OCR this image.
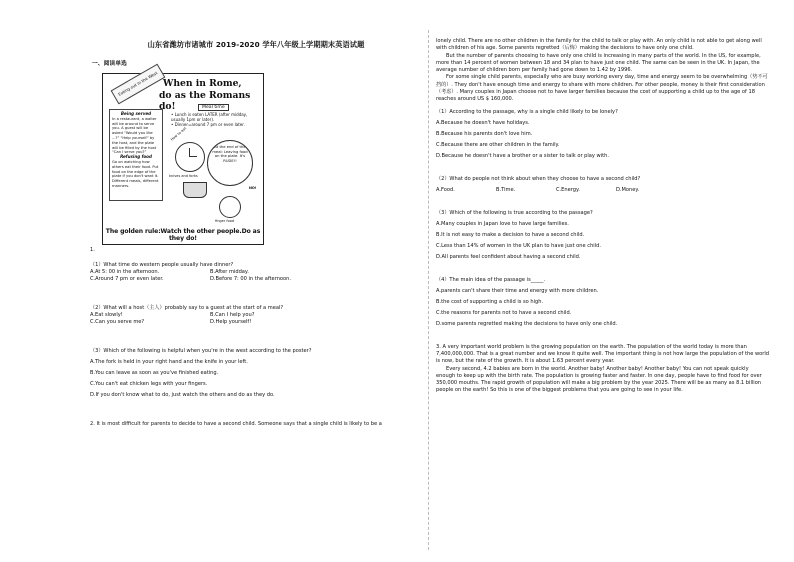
山东省潍坊市诸城市 2019-2020 学年八年级上学期期末英语试题
一、阅读单选
Eating out in the West When in Rome,
do as the Romans do!	Meal time
• Lunch is eaten LATER (after midday,
usually 1pm or later).
• Dinner=around 7 pm or even later.
Being served
In a restaurant, a waiter will be around to serve you. A guest will be asked “Would you like ...?” “Help yourself” by the host, and the plate will be filled by the host “Can I serve you?”
Refusing food
Go on watching how others eat their food. Put food on the edge of the plate if you don't want it. Different meals, different manners.
How to eat
At the end of the meal: Leaving food on the plate. It's RUDE!!
knives and forks
NO!
finger food
The golden rule:Watch the other people.Do as they do!
1.
（1）What time do western people usually have dinner?
A.At 5: 00 in the afternoon.	B.After midday.
C.Around 7 pm or even later.	D.Before 7: 00 in the afternoon.
（2）What will a host（主人）probably say to a guest at the start of a meal?
A.Eat slowly!	B.Can I help you?
C.Can you serve me?	D.Help yourself!
（3）Which of the following is helpful when you're in the west according to the poster?
A.The fork is held in your right hand and the knife in your left.
B.You can leave as soon as you've finished eating.
C.You can't eat chicken legs with your fingers.
D.If you don't know what to do, just watch the others and do as they do.
2. It is most difficult for parents to decide to have a second child. Someone says that a single child is likely to be a

lonely child. There are no other children in the family for the child to talk or play with. An only child is not able to get along well with children of his age. Some parents regretted（后悔）making the decisions to have only one child.

But the number of parents choosing to have only one child is increasing in many parts of the world. In the US, for example, more than 14 percent of women between 18 and 34 plan to have just one child. The same can be seen in the UK. In Japan, the average number of children born per family had gone down to 1.42 by 1996.

For some single child parents, especially who are busy working every day, time and energy seem to be overwhelming（势不可挡的）. They don't have enough time and energy to share with more children. For other people, money is their first consideration（考虑）. Many couples in Japan choose not to have larger families because the cost of supporting a child up to the age of 18 reaches around US $ 160,000.

（1）According to the passage, why is a single child likely to be lonely?
A.Because he doesn't have holidays.
B.Because his parents don't love him.
C.Because there are other children in the family.
D.Because he doesn't have a brother or a sister to talk or play with.
（2）What do people not think about when they choose to have a second child?
A.Food.	B.Time.	C.Energy.	D.Money.
（3）Which of the following is true according to the passage?
A.Many couples in Japan love to have large families.
B.It is not easy to make a decision to have a second child.
C.Less than 14% of women in the UK plan to have just one child.
D.All parents feel confident about having a second child.
（4）The main idea of the passage is_____.
A.parents can't share their time and energy with more children.
B.the cost of supporting a child is so high.
C.the reasons for parents not to have a second child.
D.some parents regretted making the decisions to have only one child.

3. A very important world problem is the growing population on the earth. The population of the world today is more than 7,400,000,000. That is a great number and we know it quite well. The important thing is not how large the population of the world is now, but the rate of the growth. It is about 1.63 percent every year.

Every second, 4.2 babies are born in the world. Another baby! Another baby! Another baby! You can not speak quickly enough to keep up with the birth rate. The population is growing faster and faster. In one day, people have to find food for over 350,000 mouths. The rapid growth of population will make a big problem by the year 2025. There will be as many as 8.1 billion people on the earth! So this is one of the biggest problems that you are going to see in your life.
